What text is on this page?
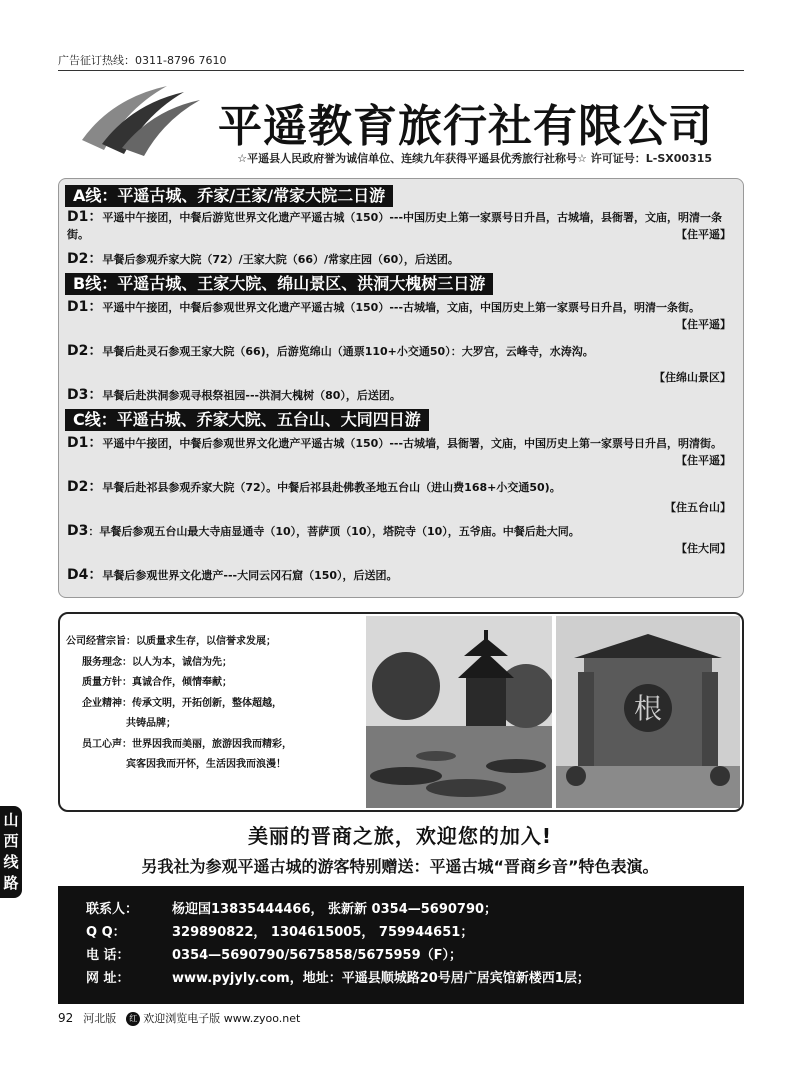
广告征订热线：0311-8796 7610
平遥教育旅行社有限公司
☆平遥县人民政府誉为诚信单位、连续九年获得平遥县优秀旅行社称号☆ 许可证号：L-SX00315
A线：平遥古城、乔家/王家/常家大院二日游
D1：平遥中午接团，中餐后游览世界文化遗产平遥古城（150）---中国历史上第一家票号日升昌，古城墙，县衙署，文庙，明清一条街。	【住平遥】
D2：早餐后参观乔家大院（72）/王家大院（66）/常家庄园（60），后送团。
B线：平遥古城、王家大院、绵山景区、洪洞大槐树三日游
D1：平遥中午接团，中餐后参观世界文化遗产平遥古城（150）---古城墙，文庙，中国历史上第一家票号日升昌，明清一条街。
【住平遥】
D2：早餐后赴灵石参观王家大院（66)，后游览绵山（通票110+小交通50）：大罗宫，云峰寺，水涛沟。
【住绵山景区】
D3：早餐后赴洪洞参观寻根祭祖园---洪洞大槐树（80），后送团。
C线：平遥古城、乔家大院、五台山、大同四日游
D1：平遥中午接团，中餐后参观世界文化遗产平遥古城（150）---古城墙，县衙署，文庙，中国历史上第一家票号日升昌，明清街。
【住平遥】
D2：早餐后赴祁县参观乔家大院（72）。中餐后祁县赴佛教圣地五台山（进山费168+小交通50)。
【住五台山】
D3：早餐后参观五台山最大寺庙显通寺（10），菩萨顶（10），塔院寺（10），五爷庙。中餐后赴大同。
【住大同】
D4：早餐后参观世界文化遗产---大同云冈石窟（150），后送团。
公司经营宗旨：以质量求生存，以信誉求发展；
服务理念：以人为本，诚信为先；
质量方针：真诚合作，倾情奉献；
企业精神：传承文明，开拓创新，整体超越，
共铸品牌；
员工心声：世界因我而美丽，旅游因我而精彩，
宾客因我而开怀，生活因我而浪漫！
根
山
西
线
路
美丽的晋商之旅，欢迎您的加入!
另我社为参观平遥古城的游客特别赠送：平遥古城“晋商乡音”特色表演。
联系人：	杨迎国13835444466， 张新新 0354—5690790；
Q Q：	329890822， 1304615005， 759944651；
电 话：	0354—5690790/5675858/5675959（F）；
网 址：	www.pyjyly.com，地址：平遥县顺城路20号居广居宾馆新楼西1层；
92 河北版 红 欢迎浏览电子版 www.zyoo.net
